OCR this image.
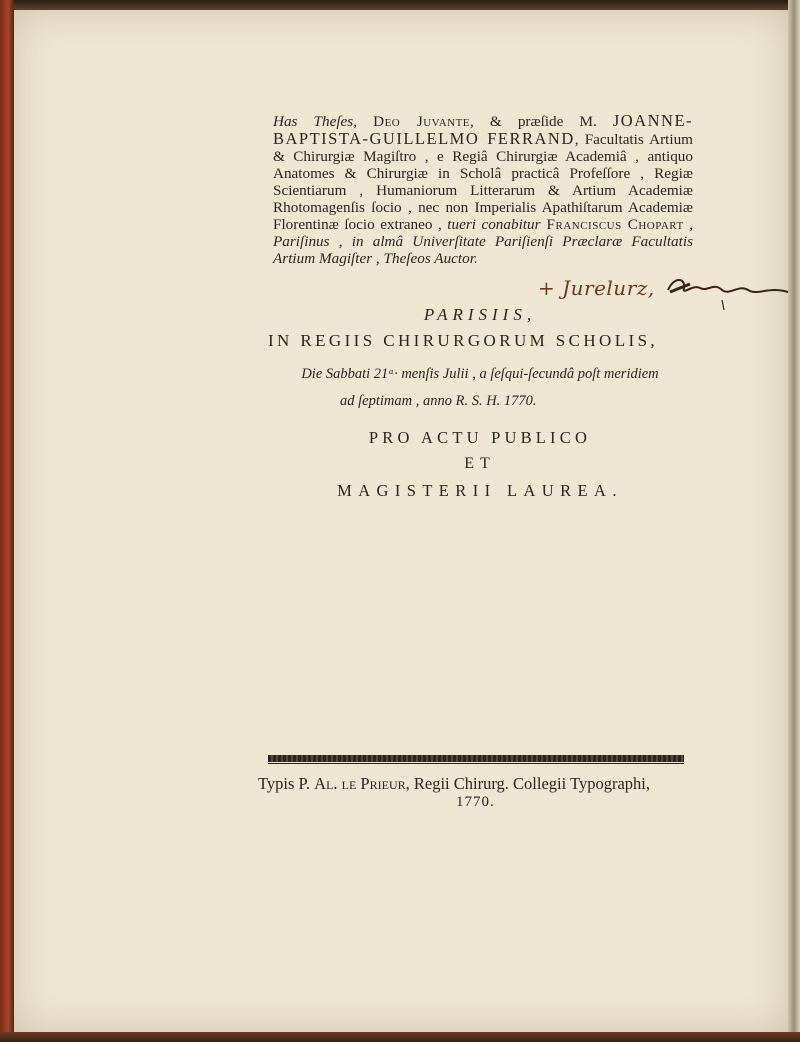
Has Theſes, Deo Juvante, & præſide M. JOANNE-BAPTISTA-GUILLELMO FERRAND, Facultatis Artium & Chirurgiæ Magiſtro , e Regiâ Chirurgiæ Academiâ , antiquo Anatomes & Chirurgiæ in Scholâ practicâ Profeſſore , Regiæ Scientiarum , Humaniorum Litterarum & Artium Academiæ Rhotomagenſis ſocio , nec non Imperialis Apathiſtarum Academiæ Florentinæ ſocio extraneo , tueri conabitur Franciscus Chopart , Pariſinus , in almâ Univerſitate Pariſienſi Præclaræ Facultatis Artium Magiſter , Theſeos Auctor.
+ Jurelurz,
PARISIIS,
IN REGIIS CHIRURGORUM SCHOLIS,
Die Sabbati 21ᵃ· menſis Julii , a ſeſqui-ſecundâ poſt meridiem
ad ſeptimam , anno R. S. H. 1770.
PRO ACTU PUBLICO
ET
MAGISTERII LAUREA.
Typis P. Al. le Prieur, Regii Chirurg. Collegii Typographi,
1770.
